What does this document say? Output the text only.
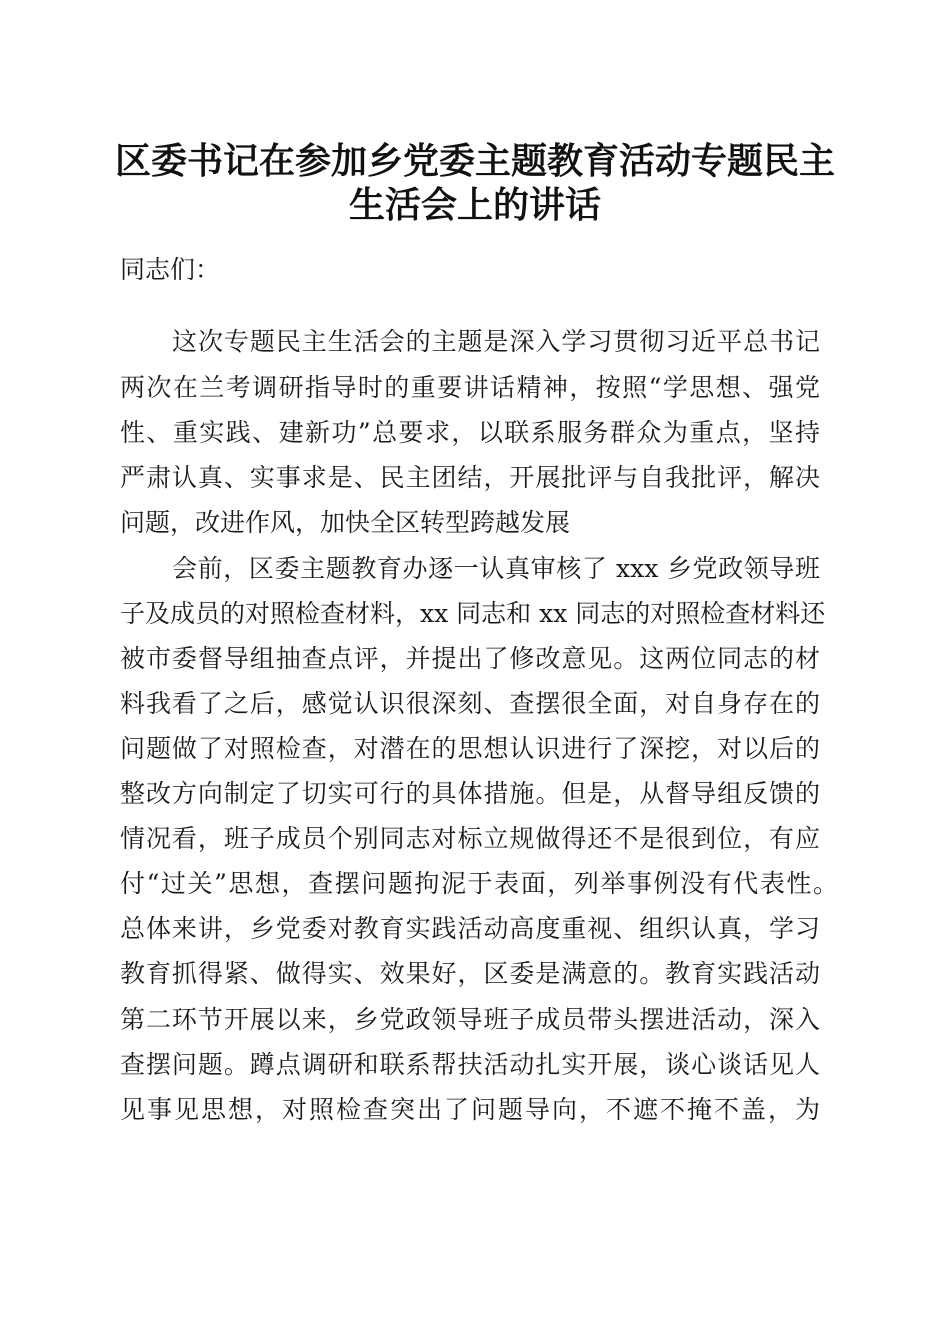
区委书记在参加乡党委主题教育活动专题民主
生活会上的讲话
同志们：
这次专题民主生活会的主题是深入学习贯彻习近平总书记
两次在兰考调研指导时的重要讲话精神，按照“学思想、强党
性、重实践、建新功”总要求，以联系服务群众为重点，坚持
严肃认真、实事求是、民主团结，开展批评与自我批评，解决
问题，改进作风，加快全区转型跨越发展
会前，区委主题教育办逐一认真审核了 xxx 乡党政领导班
子及成员的对照检查材料，xx 同志和 xx 同志的对照检查材料还
被市委督导组抽查点评，并提出了修改意见。这两位同志的材
料我看了之后，感觉认识很深刻、查摆很全面，对自身存在的
问题做了对照检查，对潜在的思想认识进行了深挖，对以后的
整改方向制定了切实可行的具体措施。但是，从督导组反馈的
情况看，班子成员个别同志对标立规做得还不是很到位，有应
付“过关”思想，查摆问题拘泥于表面，列举事例没有代表性。
总体来讲，乡党委对教育实践活动高度重视、组织认真，学习
教育抓得紧、做得实、效果好，区委是满意的。教育实践活动
第二环节开展以来，乡党政领导班子成员带头摆进活动，深入
查摆问题。蹲点调研和联系帮扶活动扎实开展，谈心谈话见人
见事见思想，对照检查突出了问题导向，不遮不掩不盖，为
